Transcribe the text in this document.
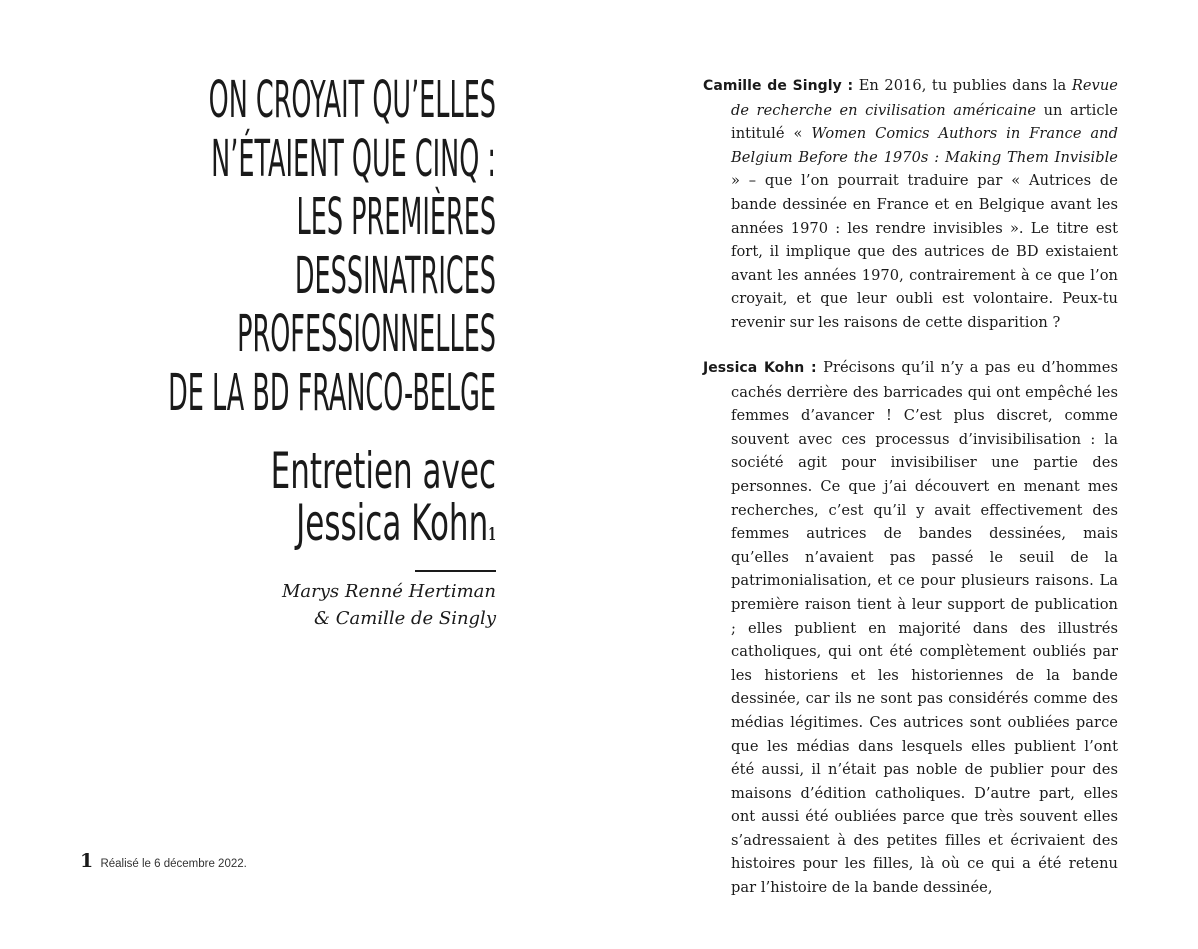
ON CROYAIT QU’ELLES
N’ÉTAIENT QUE CINQ :
LES PREMIÈRES
DESSINATRICES
PROFESSIONNELLES
DE LA BD FRANCO-BELGE
Entretien avec
Jessica Kohn1
Marys Renné Hertiman
& Camille de Singly
1 Réalisé le 6 décembre 2022.

Camille de Singly : En 2016, tu publies dans la Revue de recherche en civilisation américaine un article intitulé « Women Comics Authors in France and Belgium Before the 1970s : Making Them Invisible » – que l’on pourrait traduire par « Autrices de bande dessinée en France et en Belgique avant les années 1970 : les rendre invisibles ». Le titre est fort, il implique que des autrices de BD existaient avant les années 1970, contrairement à ce que l’on croyait, et que leur oubli est volontaire. Peux-tu revenir sur les raisons de cette disparition ?

Jessica Kohn : Précisons qu’il n’y a pas eu d’hommes cachés derrière des barricades qui ont empêché les femmes d’avancer ! C’est plus discret, comme souvent avec ces processus d’invisibilisation : la société agit pour invisibiliser une partie des personnes. Ce que j’ai découvert en menant mes recherches, c’est qu’il y avait effectivement des femmes autrices de bandes dessinées, mais qu’elles n’avaient pas passé le seuil de la patrimonialisation, et ce pour plusieurs raisons. La première raison tient à leur support de publication ; elles publient en majorité dans des illustrés catholiques, qui ont été complètement oubliés par les historiens et les historiennes de la bande dessinée, car ils ne sont pas considérés comme des médias légitimes. Ces autrices sont oubliées parce que les médias dans lesquels elles publient l’ont été aussi, il n’était pas noble de publier pour des maisons d’édition catholiques. D’autre part, elles ont aussi été oubliées parce que très souvent elles s’adressaient à des petites filles et écrivaient des histoires pour les filles, là où ce qui a été retenu par l’histoire de la bande dessinée,
